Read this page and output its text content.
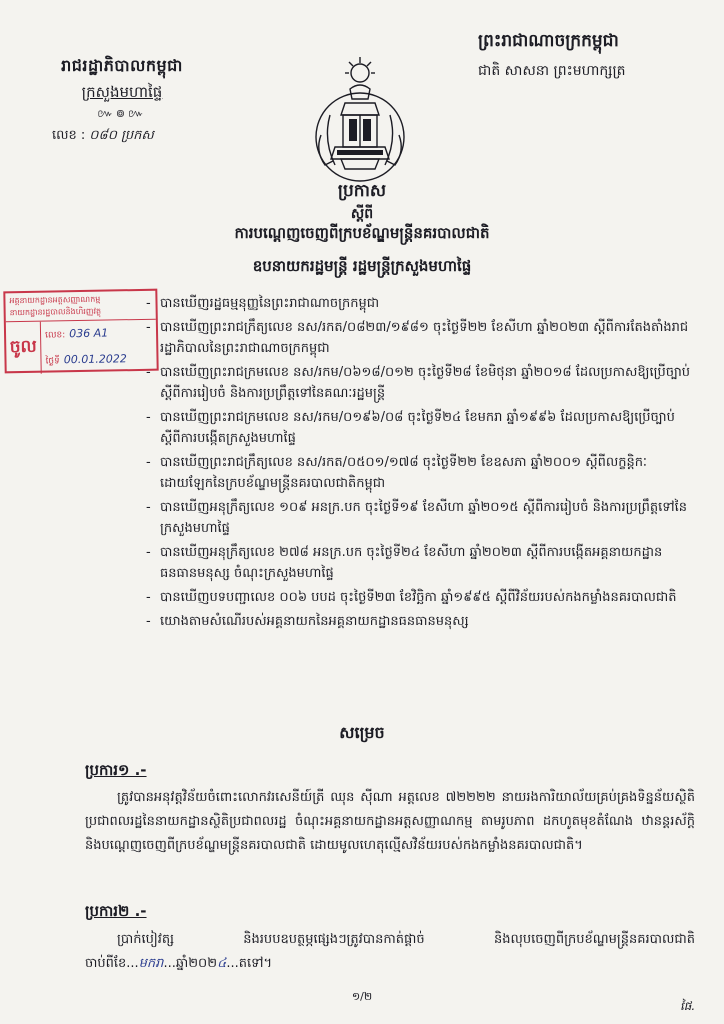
រាជរដ្ឋាភិបាលកម្ពុជា
ក្រសួងមហាផ្ទៃ
៚៙៚
លេខ : ០៨០ ប្រកស
ព្រះរាជាណាចក្រកម្ពុជា
ជាតិ សាសនា ព្រះមហាក្សត្រ
ប្រកាស
ស្តីពី
ការបណ្តេញចេញពីក្របខ័ណ្ឌមន្ត្រីនគរបាលជាតិ
ឧបនាយករដ្ឋមន្ត្រី រដ្ឋមន្ត្រីក្រសួងមហាផ្ទៃ
អគ្គនាយកដ្ឋានអត្តសញ្ញាណកម្ម
នាយកដ្ឋានរដ្ឋបាលនិងហិរញ្ញវត្ថុ
ចូល
លេខ: 036 A1
ថ្ងៃទី 00.01.2022
- បានឃើញរដ្ឋធម្មនុញ្ញនៃព្រះរាជាណាចក្រកម្ពុជា
- បានឃើញព្រះរាជក្រឹត្យលេខ នស/រកត/០៨២៣/១៩៨១ ចុះថ្ងៃទី២២ ខែសីហា ឆ្នាំ២០២៣ ស្តីពីការតែងតាំងរាជរដ្ឋាភិបាលនៃព្រះរាជាណាចក្រកម្ពុជា
- បានឃើញព្រះរាជក្រមលេខ នស/រកម/០៦១៨/០១២ ចុះថ្ងៃទី២៨ ខែមិថុនា ឆ្នាំ២០១៨ ដែលប្រកាសឱ្យប្រើច្បាប់ស្តីពីការរៀបចំ និងការប្រព្រឹត្តទៅនៃគណៈរដ្ឋមន្ត្រី
- បានឃើញព្រះរាជក្រមលេខ នស/រកម/០១៩៦/០៨ ចុះថ្ងៃទី២៤ ខែមករា ឆ្នាំ១៩៩៦ ដែលប្រកាសឱ្យប្រើច្បាប់ស្តីពីការបង្កើតក្រសួងមហាផ្ទៃ
- បានឃើញព្រះរាជក្រឹត្យលេខ នស/រកត/០៥០១/១៧៨ ចុះថ្ងៃទី២២ ខែឧសភា ឆ្នាំ២០០១ ស្តីពីលក្ខន្តិកៈដោយឡែកនៃក្របខ័ណ្ឌមន្ត្រីនគរបាលជាតិកម្ពុជា
- បានឃើញអនុក្រឹត្យលេខ ១០៩ អនក្រ.បក ចុះថ្ងៃទី១៩ ខែសីហា ឆ្នាំ២០១៥ ស្តីពីការរៀបចំ និងការប្រព្រឹត្តទៅនៃក្រសួងមហាផ្ទៃ
- បានឃើញអនុក្រឹត្យលេខ ២៧៨ អនក្រ.បក ចុះថ្ងៃទី២៤ ខែសីហា ឆ្នាំ២០២៣ ស្តីពីការបង្កើតអគ្គនាយកដ្ឋានធនធានមនុស្ស ចំណុះក្រសួងមហាផ្ទៃ
- បានឃើញបទបញ្ជាលេខ ០០៦ បបដ ចុះថ្ងៃទី២៣ ខែវិច្ឆិកា ឆ្នាំ១៩៩៥ ស្តីពីវិន័យរបស់កងកម្លាំងនគរបាលជាតិ
- យោងតាមសំណើរបស់អគ្គនាយកនៃអគ្គនាយកដ្ឋានធនធានមនុស្ស
សម្រេច
ប្រការ១ .-
ត្រូវបានអនុវត្តវិន័យចំពោះលោកវរសេនីយ៍ត្រី ឈុន ស៊ីណា អត្តលេខ ៧២២២២ នាយរងការិយាល័យគ្រប់គ្រងទិន្នន័យស្ថិតិប្រជាពលរដ្ឋនៃនាយកដ្ឋានស្ថិតិប្រជាពលរដ្ឋ ចំណុះអគ្គនាយកដ្ឋានអត្តសញ្ញាណកម្ម តាមរូបភាព ដកហូតមុខតំណែង ឋានន្តរស័ក្តិ និងបណ្តេញចេញពីក្របខ័ណ្ឌមន្ត្រីនគរបាលជាតិ ដោយមូលហេតុល្មើសវិន័យរបស់កងកម្លាំងនគរបាលជាតិ។
ប្រការ២ .-
ប្រាក់បៀវត្ស និងរបបឧបត្ថម្ភផ្សេងៗត្រូវបានកាត់ផ្តាច់ និងលុបចេញពីក្របខ័ណ្ឌមន្ត្រីនគរបាលជាតិ ចាប់ពីខែ...មករា...ឆ្នាំ២០២៤...តទៅ។
១/២
ផៃ.
